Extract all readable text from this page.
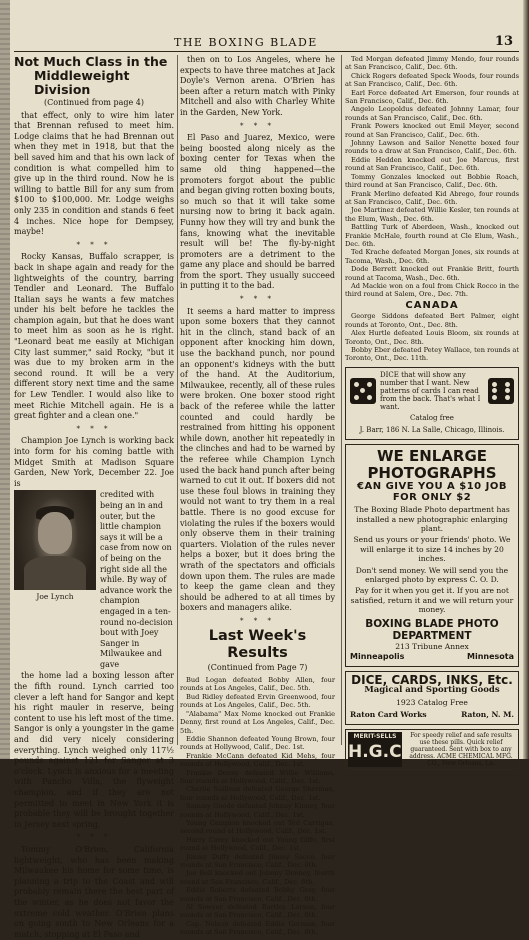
THE BOXING BLADE	13
Not Much Class in the
Middleweight Division
(Continued from page 4)

that effect, only to wire him later that Brennan refused to meet him. Lodge claims that he had Brennan out when they met in 1918, but that the bell saved him and that his own lack of condition is what compelled him to give up in the third round. Now he is willing to battle Bill for any sum from $100 to $100,000. Mr. Lodge weighs only 235 in condition and stands 6 feet 4 inches. Nice hope for Dempsey, maybe!

* * *

Rocky Kansas, Buffalo scrapper, is back in shape again and ready for the lightweights of the country, barring Tendler and Leonard. The Buffalo Italian says he wants a few matches under his belt before he tackles the champion again, but that he does want to meet him as soon as he is right. "Leonard beat me easily at Michigan City last summer," said Rocky, "but it was due to my broken arm in the second round. It will be a very different story next time and the same for Lew Tendler. I would also like to meet Richie Mitchell again. He is a great fighter and a clean one."

* * *

Champion Joe Lynch is working back into form for his coming battle with Midget Smith at Madison Square Garden, New York, December 22. Joe is

Joe Lynch
credited with being an in and outer, but the little champion says it will be a case from now on of being on the right side all the while. By way of advance work the champion engaged in a ten-round no-decision bout with Joey Sanger in Milwaukee and gave

the home lad a boxing lesson after the fifth round. Lynch carried too clever a left hand for Sangor and kept his right mauler in reserve, being content to use his left most of the time. Sangor is only a youngster in the game and did very nicely considering everything. Lynch weighed only 117½ pounds against 121 for Sangor at 3 o'clock. Lynch is anxious for a meeting with Pancho Villa, the flyweight champion, and if they are not permitted to meet in New York it is probable they will be brought together in Jersey next spring.

* * *

Tommy O'Brien, California lightweight, who has been making Milwaukee his home for some time, is planning a trip to the Coast and will probably remain there the best part of the winter, as he does not favor the extreme cold weather. O'Brien plans on going south to New Orleans for a match, stopping at El Paso and

then on to Los Angeles, where he expects to have three matches at Jack Doyle's Vernon arena. O'Brien has been after a return match with Pinky Mitchell and also with Charley White in the Garden, New York.

* * *

El Paso and Juarez, Mexico, were being boosted along nicely as the boxing center for Texas when the same old thing happened—the promoters forgot about the public and began giving rotten boxing bouts, so much so that it will take some nursing now to bring it back again. Funny how they will try and bunk the fans, knowing what the inevitable result will be! The fly-by-night promoters are a detriment to the game any place and should be barred from the sport. They usually succeed in putting it to the bad.

* * *

It seems a hard matter to impress upon some boxers that they cannot hit in the clinch, stand back of an opponent after knocking him down, use the backhand punch, nor pound an opponent's kidneys with the butt of the hand. At the Auditorium, Milwaukee, recently, all of these rules were broken. One boxer stood right back of the referee while the latter counted and could hardly be restrained from hitting his opponent while down, another hit repeatedly in the clinches and had to be warned by the referee while Champion Lynch used the back hand punch after being warned to cut it out. If boxers did not use these foul blows in training they would not want to try them in a real battle. There is no good excuse for violating the rules if the boxers would only observe them in their training quarters. Violation of the rules never helps a boxer, but it does bring the wrath of the spectators and officials down upon them. The rules are made to keep the game clean and they should be adhered to at all times by boxers and managers alike.

* * *
Last Week's Results
(Continued from Page 7)

Bud Logan defeated Bobby Allen, four rounds at Los Angeles, Calif., Dec. 5th.

Bud Ridley defeated Ervin Greenwood, four rounds at Los Angeles, Calif., Dec. 5th.

"Alabama" Max Nome knocked out Frankie Denny, first round at Los Angeles, Calif., Dec. 5th.

Eddie Shannon defeated Young Brown, four rounds at Hollywood, Calif., Dec. 1st.

Frankie McCann defeated Kid Mehs, four rounds at Hollywood, Calif., Dec. 1st.

Frankie Denny defeated Willie Williams, four rounds at Hollywood, Calif., Dec. 1st.

Charlie Sullivan defeated George Sherman, four rounds at Hollywood, Calif., Dec. 1st.

Sammy Goode defeated Johnny Kinney, four rounds at Hollywood, Calif., Dec. 1st.

Young Campion knocked out Ted Carrigan, second round at Hollywood, Calif., Dec. 1st.

Harry Carey knocked out Young Giffo, first round at Hollywood, Calif., Dec. 1st.

Jimmy Duffy defeated Jimmy Sacco, four rounds at San Francisco, Calif., Dec. 6th.

Joe Bell knocked out Johnny Denney, fourth round at San Francisco, Calif., Dec. 6th.

Eddie Roberts defeated Bobby Gray, four rounds at San Francisco, Calif., Dec. 6th.

Al Sawyer defeated Bartley Larsen, four rounds at San Francisco, Calif., Dec. 6th.

Cap. Nelson defeated Eddie German, four rounds at San Francisco, Calif., Dec. 6th.

Ted Morgan defeated Jimmy Mendo, four rounds at San Francisco, Calif., Dec. 6th.

Chick Rogers defeated Speck Woods, four rounds at San Francisco, Calif., Dec. 6th.

Earl Force defeated Art Emerson, four rounds at San Francisco, Calif., Dec. 6th.

Angelo Leopoldus defeated Johnny Lamar, four rounds at San Francisco, Calif., Dec. 6th.

Frank Powers knocked out Emil Meyer, second round at San Francisco, Calif., Dec. 6th.

Johnny Lawson and Sailor Nenette boxed four rounds to a draw at San Francisco, Calif., Dec. 6th.

Eddie Hedden knocked out Joe Marcus, first round at San Francisco, Calif., Dec. 6th.

Tommy Gonzales knocked out Bobbie Roach, third round at San Francisco, Calif., Dec. 6th.

Frank Merlino defeated Kid Abrego, four rounds at San Francisco, Calif., Dec. 6th.

Joe Martinez defeated Willie Kesler, ten rounds at the Elum, Wash., Dec. 6th.

Battling Turk of Aberdeen, Wash., knocked out Frankie McHale, fourth round at Cle Elum, Wash., Dec. 6th.

Ted Krache defeated Morgan Jones, six rounds at Tacoma, Wash., Dec. 6th.

Dode Berrett knocked out Frankie Britt, fourth round at Tacoma, Wash., Dec. 6th.

Ad Mackie won on a foul from Chick Rocco in the third round at Salem, Ore., Dec. 7th.

CANADA

George Siddons defeated Bert Palmer, eight rounds at Toronto, Ont., Dec. 8th.

Alex Hurtle defeated Louis Bloom, six rounds at Toronto, Ont., Dec. 8th.

Bobby Eber defeated Petey Wallace, ten rounds at Toronto, Ont., Dec. 11th.

DICE that will show any number that I want. New patterns of cards I can read from the back. That's what I want.
Catalog free
J. Barr, 186 N. La Salle, Chicago, Illinois.
WE ENLARGE
PHOTOGRAPHS
€AN GIVE YOU A $10 JOB FOR ONLY $2
The Boxing Blade Photo department has installed a new photographic enlarging plant.
Send us yours or your friends' photo. We will enlarge it to size 14 inches by 20 inches.
Don't send money. We will send you the enlarged photo by express C. O. D.
Pay for it when you get it. If you are not satisfied, return it and we will return your money.
BOXING BLADE PHOTO DEPARTMENT
213 Tribune Annex
Minneapolis	Minnesota
DICE, CARDS, INKS, Etc.
Magical and Sporting Goods
1923 Catalog Free
Raton Card Works	Raton, N. M.
MERIT-SELLS
H.G.C.
For speedy relief and safe results use these pills. Quick relief guaranteed. Sent with box to any address. ACME CHEMICAL MFG. CO., New Orleans, La.
